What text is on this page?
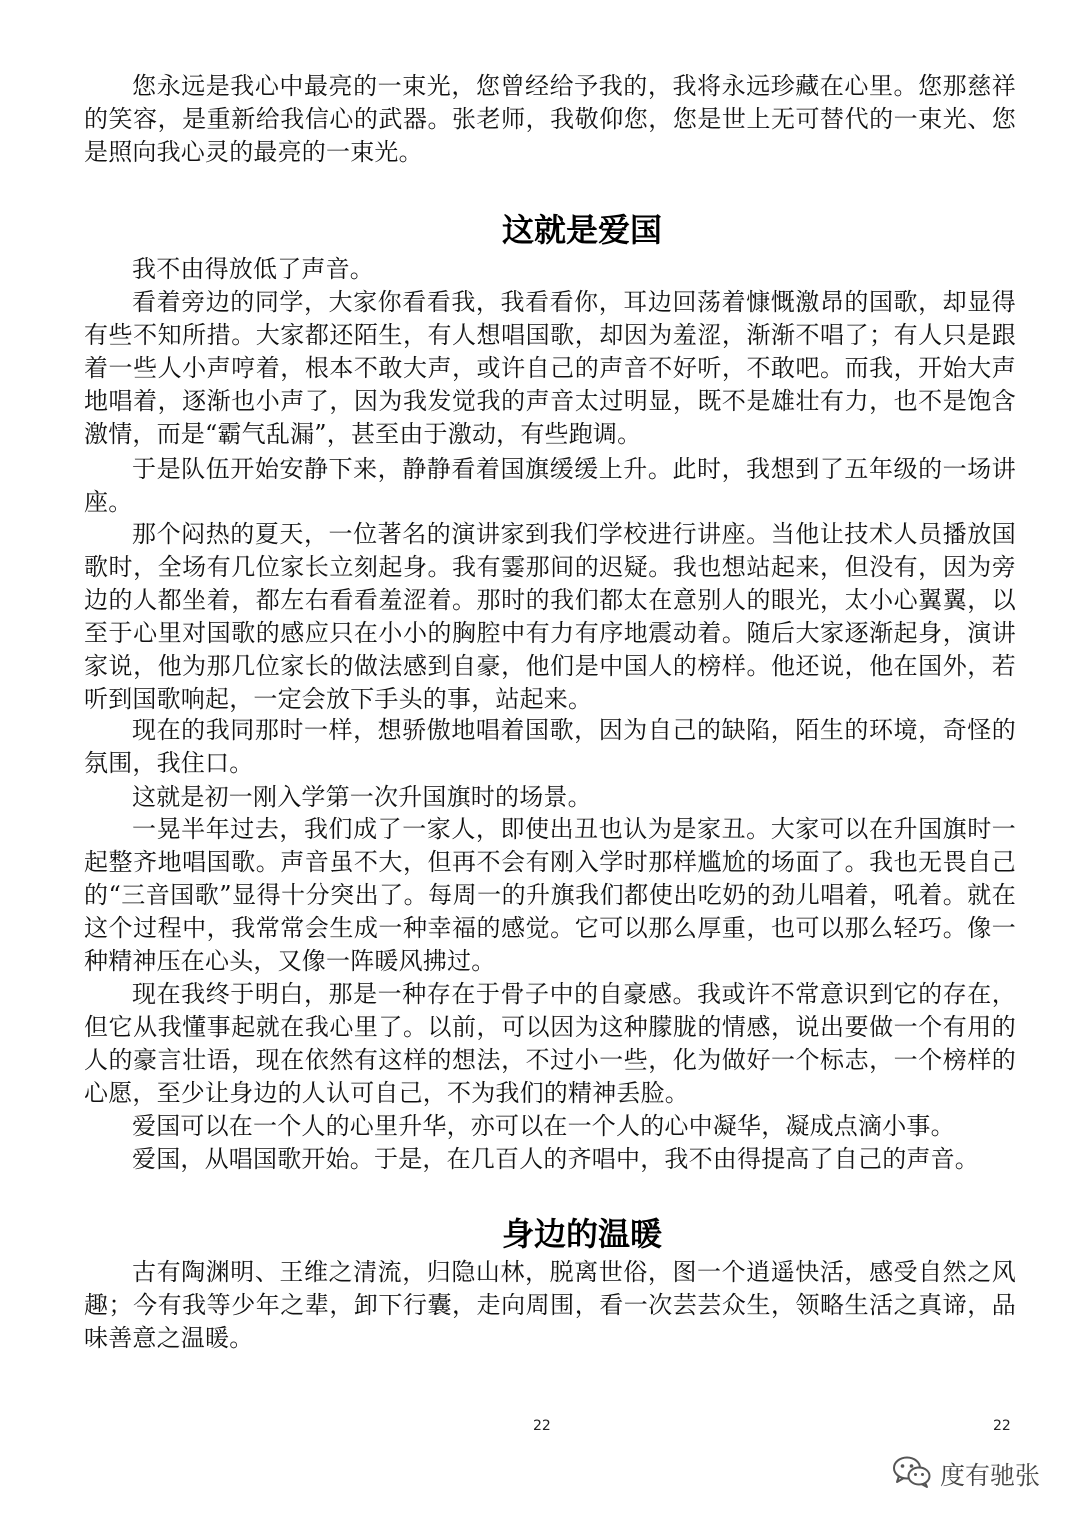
您永远是我心中最亮的一束光，您曾经给予我的，我将永远珍藏在心里。您那慈祥的笑容，是重新给我信心的武器。张老师，我敬仰您，您是世上无可替代的一束光、您是照向我心灵的最亮的一束光。

这就是爱国

我不由得放低了声音。

看着旁边的同学，大家你看看我，我看看你，耳边回荡着慷慨激昂的国歌，却显得有些不知所措。大家都还陌生，有人想唱国歌，却因为羞涩，渐渐不唱了；有人只是跟着一些人小声哼着，根本不敢大声，或许自己的声音不好听，不敢吧。而我，开始大声地唱着，逐渐也小声了，因为我发觉我的声音太过明显，既不是雄壮有力，也不是饱含激情，而是“霸气乱漏”，甚至由于激动，有些跑调。

于是队伍开始安静下来，静静看着国旗缓缓上升。此时，我想到了五年级的一场讲座。

那个闷热的夏天，一位著名的演讲家到我们学校进行讲座。当他让技术人员播放国歌时，全场有几位家长立刻起身。我有霎那间的迟疑。我也想站起来，但没有，因为旁边的人都坐着，都左右看看羞涩着。那时的我们都太在意别人的眼光，太小心翼翼，以至于心里对国歌的感应只在小小的胸腔中有力有序地震动着。随后大家逐渐起身，演讲家说，他为那几位家长的做法感到自豪，他们是中国人的榜样。他还说，他在国外，若听到国歌响起，一定会放下手头的事，站起来。

现在的我同那时一样，想骄傲地唱着国歌，因为自己的缺陷，陌生的环境，奇怪的氛围，我住口。

这就是初一刚入学第一次升国旗时的场景。

一晃半年过去，我们成了一家人，即使出丑也认为是家丑。大家可以在升国旗时一起整齐地唱国歌。声音虽不大，但再不会有刚入学时那样尴尬的场面了。我也无畏自己的“三音国歌”显得十分突出了。每周一的升旗我们都使出吃奶的劲儿唱着，吼着。就在这个过程中，我常常会生成一种幸福的感觉。它可以那么厚重，也可以那么轻巧。像一种精神压在心头，又像一阵暖风拂过。

现在我终于明白，那是一种存在于骨子中的自豪感。我或许不常意识到它的存在，但它从我懂事起就在我心里了。以前，可以因为这种朦胧的情感，说出要做一个有用的人的豪言壮语，现在依然有这样的想法，不过小一些，化为做好一个标志，一个榜样的心愿，至少让身边的人认可自己，不为我们的精神丢脸。

爱国可以在一个人的心里升华，亦可以在一个人的心中凝华，凝成点滴小事。

爱国，从唱国歌开始。于是，在几百人的齐唱中，我不由得提高了自己的声音。

身边的温暖

古有陶渊明、王维之清流，归隐山林，脱离世俗，图一个逍遥快活，感受自然之风趣；今有我等少年之辈，卸下行囊，走向周围，看一次芸芸众生，领略生活之真谛，品味善意之温暖。

22	22
度有驰张
